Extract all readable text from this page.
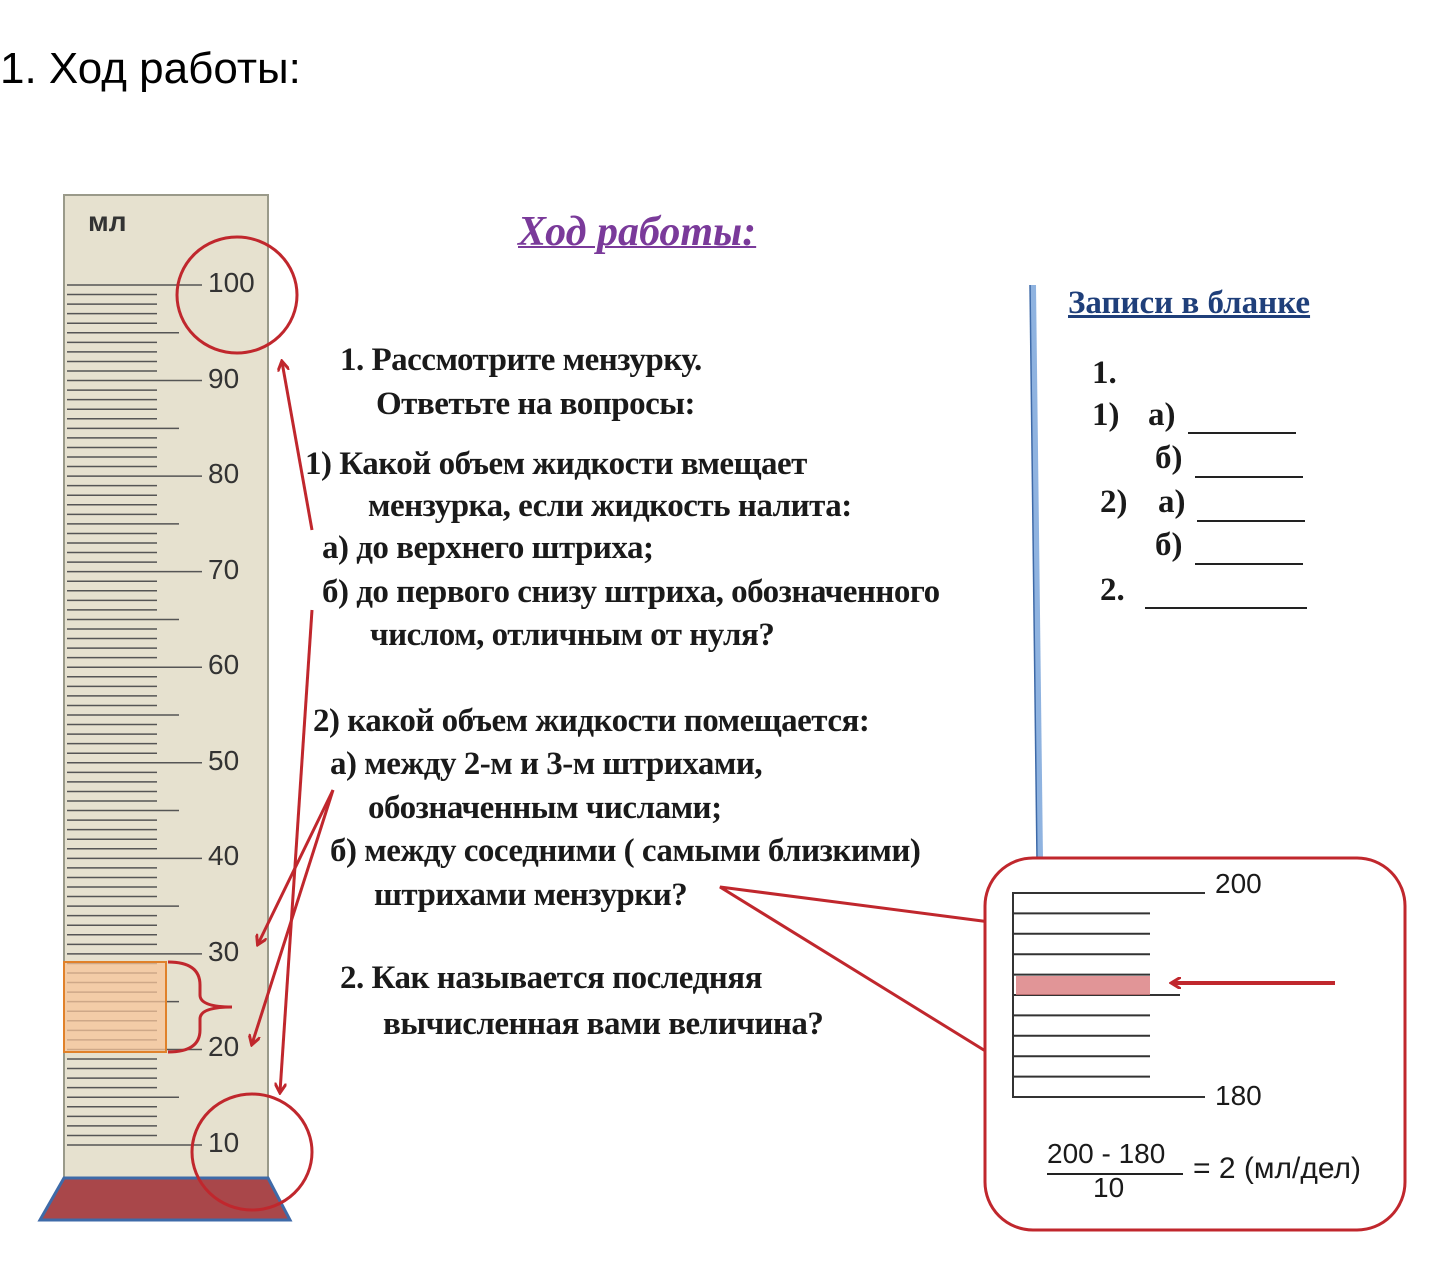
1. Ход работы:
Ход работы:
мл
100
90
80
70
60
50
40
30
20
10
1. Рассмотрите мензурку.
Ответьте на вопросы:
1) Какой объем жидкости вмещает
мензурка, если жидкость налита:
а) до верхнего штриха;
б) до первого снизу штриха, обозначенного
числом, отличным от нуля?
2) какой объем жидкости помещается:
а) между 2-м и 3-м штрихами,
обозначенным числами;
б) между соседними ( самыми близкими)
штрихами мензурки?
2. Как называется последняя
вычисленная вами величина?
Записи в бланке
1.
1) а)
б)
2) а)
б)
2.
200
180
200 - 180
10
= 2 (мл/дел)
